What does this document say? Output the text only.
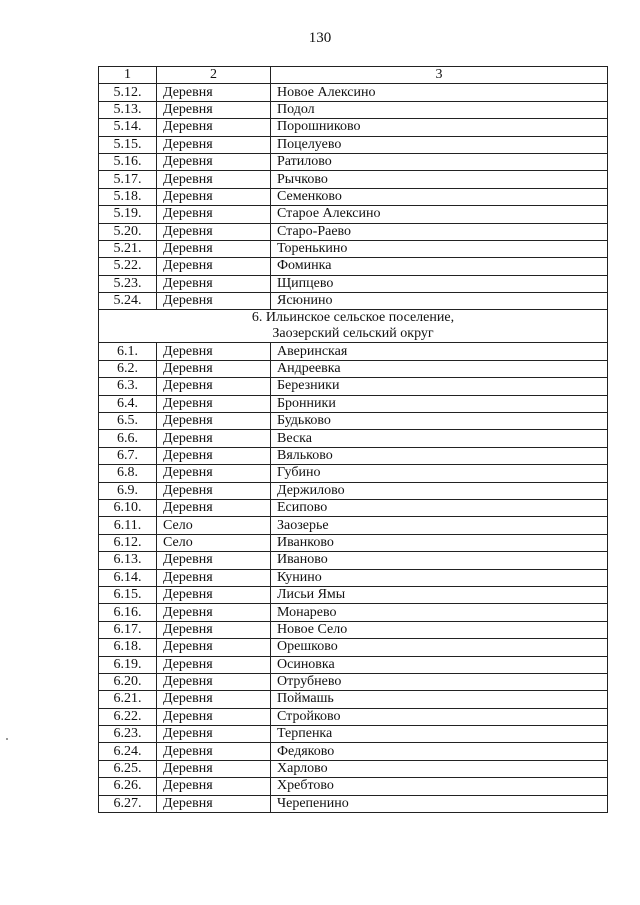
130
1	2	3
5.12.	Деревня	Новое Алексино
5.13.	Деревня	Подол
5.14.	Деревня	Порошниково
5.15.	Деревня	Поцелуево
5.16.	Деревня	Ратилово
5.17.	Деревня	Рычково
5.18.	Деревня	Семенково
5.19.	Деревня	Старое Алексино
5.20.	Деревня	Старо-Раево
5.21.	Деревня	Тоpенькино
5.22.	Деревня	Фоминка
5.23.	Деревня	Щипцево
5.24.	Деревня	Ясюнино

6. Ильинское сельское поселение,
Заозерский сельский округ		

6.1.	Деревня	Аверинская
6.2.	Деревня	Андреевка
6.3.	Деревня	Березники
6.4.	Деревня	Бронники
6.5.	Деревня	Будьково
6.6.	Деревня	Веска
6.7.	Деревня	Вяльково
6.8.	Деревня	Губино
6.9.	Деревня	Держилово
6.10.	Деревня	Есипово
6.11.	Село	Заозерье
6.12.	Село	Иванково
6.13.	Деревня	Иваново
6.14.	Деревня	Кунино
6.15.	Деревня	Лисьи Ямы
6.16.	Деревня	Монарево
6.17.	Деревня	Новое Село
6.18.	Деревня	Орешково
6.19.	Деревня	Осиновка
6.20.	Деревня	Отрубнево
6.21.	Деревня	Поймашь
6.22.	Деревня	Стройково
6.23.	Деревня	Терпенка
6.24.	Деревня	Федяково
6.25.	Деревня	Харлово
6.26.	Деревня	Хребтово
6.27.	Деревня	Черепенино
